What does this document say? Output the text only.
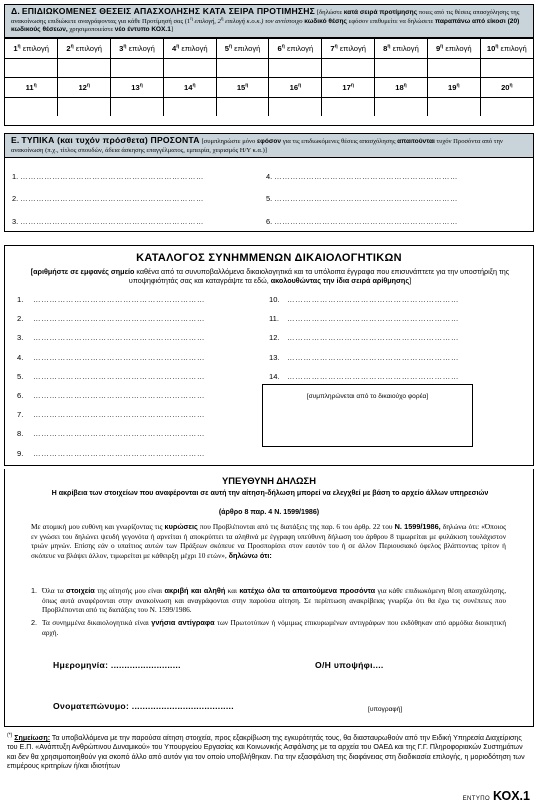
Δ. ΕΠΙΔΙΩΚΟΜΕΝΕΣ ΘΕΣΕΙΣ ΑΠΑΣΧΟΛΗΣΗΣ ΚΑΤΑ ΣΕΙΡΑ ΠΡΟΤΙΜΗΣΗΣ [δηλώστε κατά σειρά προτίμησης ποιες από τις θέσεις απασχόλησης της ανακοίνωσης επιδιώκετε αναγράφοντας για κάθε Προτίμησή σας ($1^\eta$ επιλογή, $2^\eta$ επιλογή κ.ο.κ.) τον αντίστοιχο κωδικό θέσης εφόσον επιθυμείτε να δηλώσετε παραπάνω από είκοσι (20) κωδικούς θέσεων, χρησιμοποιείστε νέο έντυπο ΚΟΧ.1]
$1^\eta$ επιλογή	$2^\eta$ επιλογή	$3^\eta$ επιλογή	$4^\eta$ επιλογή	$5^\eta$ επιλογή	$6^\eta$ επιλογή	$7^\eta$ επιλογή	$8^\eta$ επιλογή	$9^\eta$ επιλογή	$10^\eta$ επιλογή

$11^\eta$	$12^\eta$	$13^\eta$	$14^\eta$	$15^\eta$	$16^\eta$	$17^\eta$	$18^\eta$	$19^\eta$	$20^\eta$

Ε. ΤΥΠΙΚΑ (και τυχόν πρόσθετα) ΠΡΟΣΟΝΤΑ [συμπληρώστε μόνο εφόσον για τις επιδιωκόμενες θέσεις απασχόλησης απαιτούνται τυχόν Προσόντα από την ανακοίνωση (π.χ., τίτλος σπουδών, άδεια άσκησης επαγγέλματος, εμπειρία, χειρισμός Η/Υ κ.α.)]
1. ……………………………………………………………
2. ……………………………………………………………
3. ……………………………………………………………
4. ……………………………………………………………
5. ……………………………………………………………
6. ……………………………………………………………
ΚΑΤΑΛΟΓΟΣ ΣΥΝΗΜΜΕΝΩΝ ΔΙΚΑΙΟΛΟΓΗΤΙΚΩΝ
[αριθμήστε σε εμφανές σημείο καθένα από τα συνυποβαλλόμενα δικαιολογητικά και τα υπόλοιπα έγγραφα που επισυνάπτετε για την υποστήριξη της υποψηφιότητάς σας και καταγράψτε τα εδώ, ακολουθώντας την ίδια σειρά αρίθμησης]
1. ………………………………………………………
2. ………………………………………………………
3. ………………………………………………………
4. ………………………………………………………
5. ………………………………………………………
6. ………………………………………………………
7. ………………………………………………………
8. ………………………………………………………
9. ………………………………………………………
10. ………………………………………………………
11. ………………………………………………………
12. ………………………………………………………
13. ………………………………………………………
14. ………………………………………………………
[συμπληρώνεται από το δικαιούχο φορέα]
ΥΠΕΥΘΥΝΗ ΔΗΛΩΣΗ
Η ακρίβεια των στοιχείων που αναφέρονται σε αυτή την αίτηση-δήλωση μπορεί να ελεγχθεί με βάση το αρχείο άλλων υπηρεσιών
(άρθρο 8 παρ. 4 Ν. 1599/1986)
Με ατομική μου ευθύνη και γνωρίζοντας τις κυρώσεις που Προβλέπονται από τις διατάξεις της παρ. 6 του άρθρ. 22 του Ν. 1599/1986, δηλώνω ότι: «Όποιος εν γνώσει του δηλώνει ψευδή γεγονότα ή αρνείται ή αποκρύπτει τα αληθινά με έγγραφη υπεύθυνη δήλωση του άρθρου 8 τιμωρείται με φυλάκιση τουλάχιστον τριών μηνών. Επίσης εάν ο υπαίτιος αυτών των Πράξεων σκόπευε να Προσπορίσει στον εαυτόν του ή σε άλλον Περιουσιακό όφελος βλάπτοντας τρίτον ή σκόπευε να βλάψει άλλον, τιμωρείται με κάθειρξη μέχρι 10 ετών», δηλώνω ότι:
1. Όλα τα στοιχεία της αίτησής μου είναι ακριβή και αληθή και κατέχω όλα τα απαιτούμενα προσόντα για κάθε επιδιωκόμενη θέση απασχόλησης, όπως αυτά αναφέρονται στην ανακοίνωση και αναγράφονται στην παρούσα αίτηση. Σε περίπτωση ανακρίβειας γνωρίζω ότι θα έχω τις συνέπειες που Προβλέπονται από τις διατάξεις του Ν. 1599/1986.
2. Τα συνημμένα δικαιολογητικά είναι γνήσια αντίγραφα των Πρωτοτύπων ή νόμιμως επικυρωμένων αντιγράφων που εκδόθηκαν από αρμόδια διοικητική αρχή.
Ημερομηνία: ..........................	Ο/Η υποψήφι....
Ονοματεπώνυμο: ......................................	[υπογραφή]
(*) Σημείωση: Τα υποβαλλόμενα με την παρούσα αίτηση στοιχεία, προς εξακρίβωση της εγκυρότητάς τους, θα διασταυρωθούν από την Ειδική Υπηρεσία Διαχείρισης του Ε.Π. «Ανάπτυξη Ανθρώπινου Δυναμικού» του Υπουργείου Εργασίας και Κοινωνικής Ασφάλισης με τα αρχεία του ΟΑΕΔ και της Γ.Γ. Πληροφοριακών Συστημάτων και δεν θα χρησιμοποιηθούν για σκοπό άλλο από αυτόν για τον οποίο υποβλήθηκαν. Για την εξασφάλιση της διαφάνειας στη διαδικασία επιλογής, η μοριοδότηση των επιμέρους κριτηρίων ή/και ιδιοτήτων
ΕΝΤΥΠΟ ΚΟΧ.1
